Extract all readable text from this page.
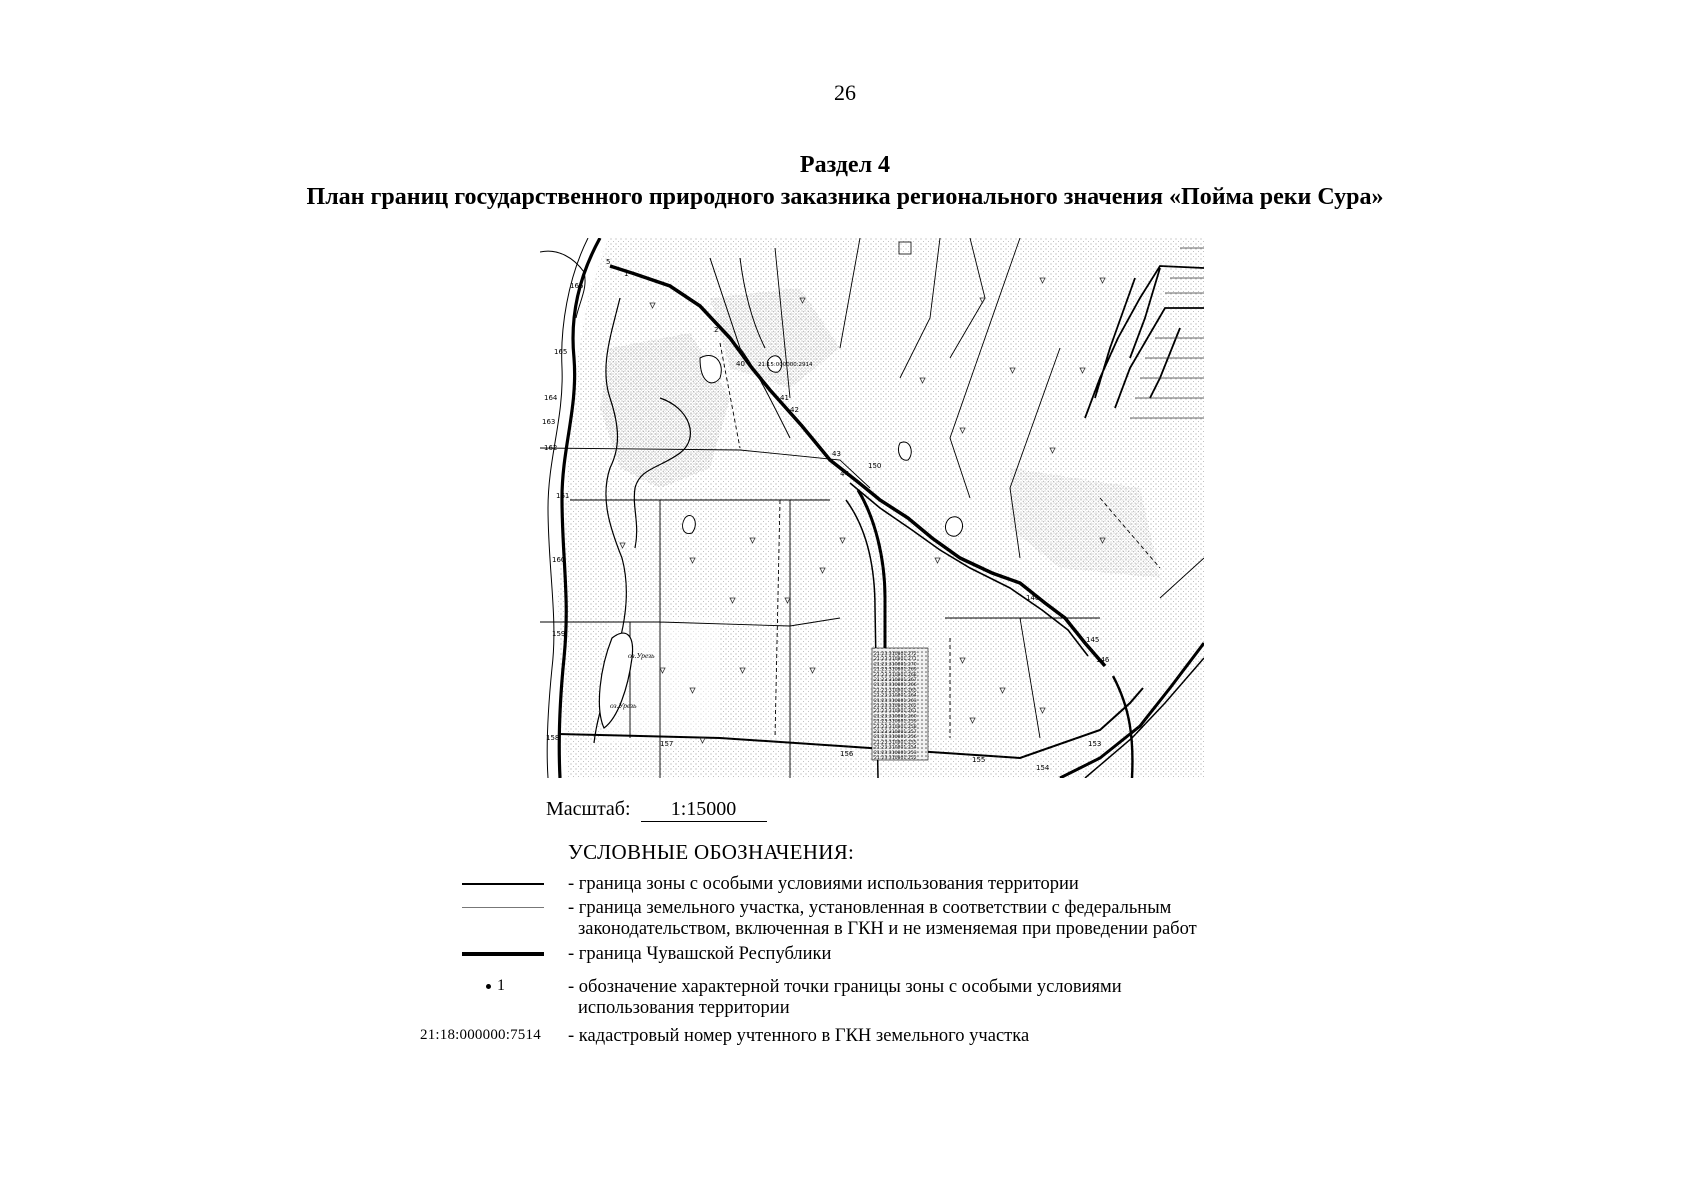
26
Раздел 4
План границ государственного природного заказника регионального значения «Пойма реки Сура»
5
1
2
40
41
42
43
44
140
145
146
150
153
154
155
156
157
158
159
160
161
162
163
164
165
166
оз.Урезь
оз.Урезь
21:15:000000:2914
21:23:310801:272
21:23:310801:271
21:23:310801:270
21:23:310801:269
21:23:310801:268
21:23:310801:267
21:23:310801:266
21:23:310801:265
21:23:310801:264
21:23:310801:263
21:23:310801:262
21:23:310801:261
21:23:310801:260
21:23:310801:259
21:23:310801:258
21:23:310801:257
21:23:310801:256
21:23:310801:255
21:23:310801:254
21:23:310801:253
21:23:310801:252
Масштаб: 1:15000
УСЛОВНЫЕ ОБОЗНАЧЕНИЯ:
- граница зоны с особыми условиями использования территории
- граница земельного участка, установленная в соответствии с федеральным
законодательством, включенная в ГКН и не изменяемая при проведении работ
- граница Чувашской Республики
1	- обозначение характерной точки границы зоны с особыми условиями
использования территории
21:18:000000:7514 - кадастровый номер учтенного в ГКН земельного участка
